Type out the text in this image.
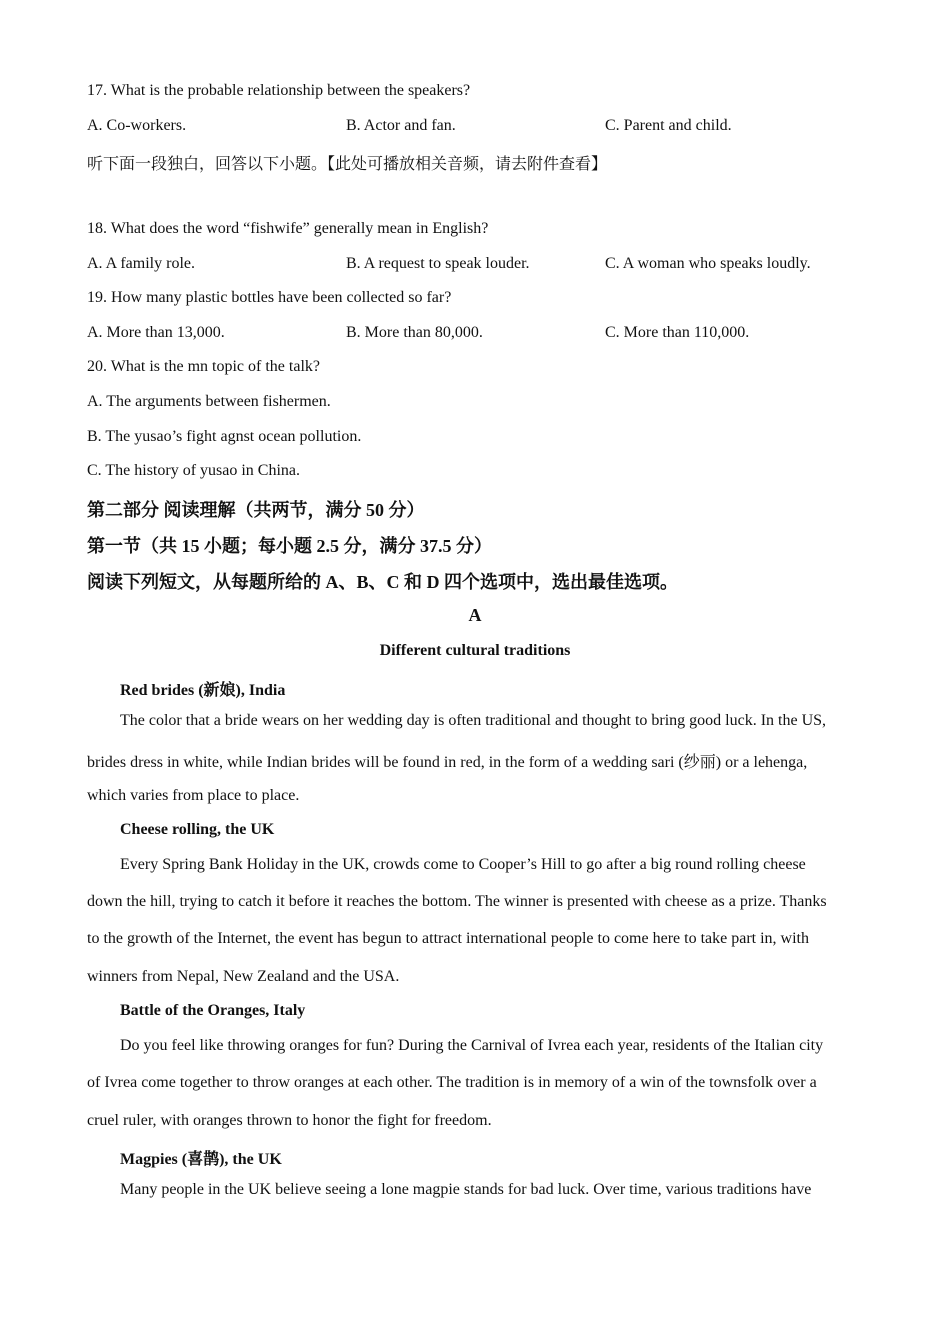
17. What is the probable relationship between the speakers?
A. Co-workers.	B. Actor and fan.	C. Parent and child.
听下面一段独白，回答以下小题。【此处可播放相关音频，请去附件查看】
18. What does the word “fishwife” generally mean in English?
A. A family role.	B. A request to speak louder.	C. A woman who speaks loudly.
19. How many plastic bottles have been collected so far?
A. More than 13,000.	B. More than 80,000.	C. More than 110,000.
20. What is the mn topic of the talk?
A. The arguments between fishermen.
B. The yusao’s fight agnst ocean pollution.
C. The history of yusao in China.
第二部分 阅读理解（共两节，满分 50 分）
第一节（共 15 小题；每小题 2.5 分，满分 37.5 分）
阅读下列短文，从每题所给的 A、B、C 和 D 四个选项中，选出最佳选项。
A
Different cultural traditions
Red brides (新娘), India
The color that a bride wears on her wedding day is often traditional and thought to bring good luck. In the US,
brides dress in white, while Indian brides will be found in red, in the form of a wedding sari (纱丽) or a lehenga,
which varies from place to place.
Cheese rolling, the UK
Every Spring Bank Holiday in the UK, crowds come to Cooper’s Hill to go after a big round rolling cheese
down the hill, trying to catch it before it reaches the bottom. The winner is presented with cheese as a prize. Thanks
to the growth of the Internet, the event has begun to attract international people to come here to take part in, with
winners from Nepal, New Zealand and the USA.
Battle of the Oranges, Italy
Do you feel like throwing oranges for fun? During the Carnival of Ivrea each year, residents of the Italian city
of Ivrea come together to throw oranges at each other. The tradition is in memory of a win of the townsfolk over a
cruel ruler, with oranges thrown to honor the fight for freedom.
Magpies (喜鹊), the UK
Many people in the UK believe seeing a lone magpie stands for bad luck. Over time, various traditions have
